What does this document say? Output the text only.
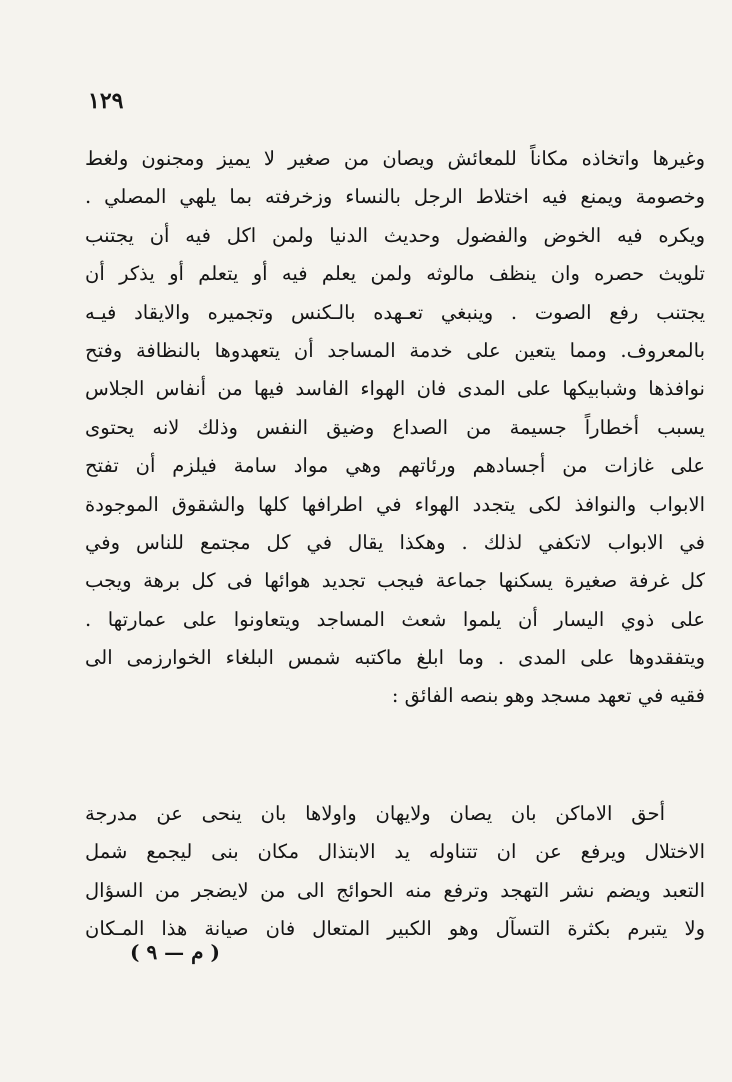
١٢٩
وغيرها واتخاذه مكاناً للمعائش ويصان من صغير لا يميز ومجنون ولغط
وخصومة ويمنع فيه اختلاط الرجل بالنساء وزخرفته بما يلهي المصلي .
ويكره فيه الخوض والفضول وحديث الدنيا ولمن اكل فيه أن يجتنب
تلويث حصره وان ينظف مالوثه ولمن يعلم فيه أو يتعلم أو يذكر أن
يجتنب رفع الصوت . وينبغي تعـهده بالـكنس وتجميره والايقاد فيـه
بالمعروف. ومما يتعين على خدمة المساجد أن يتعهدوها بالنظافة وفتح
نوافذها وشبابيكها على المدى فان الهواء الفاسد فيها من أنفاس الجلاس
يسبب أخطاراً جسيمة من الصداع وضيق النفس وذلك لانه يحتوى
على غازات من أجسادهم ورئاتهم وهي مواد سامة فيلزم أن تفتح
الابواب والنوافذ لكى يتجدد الهواء في اطرافها كلها والشقوق الموجودة
في الابواب لاتكفي لذلك . وهكذا يقال في كل مجتمع للناس وفي
كل غرفة صغيرة يسكنها جماعة فيجب تجديد هوائها فى كل برهة ويجب
على ذوي اليسار أن يلموا شعث المساجد ويتعاونوا على عمارتها .
ويتفقدوها على المدى . وما ابلغ ماكتبه شمس البلغاء الخوارزمى الى
فقيه في تعهد مسجد وهو بنصه الفائق :
أحق الاماكن بان يصان ولايهان واولاها بان ينحى عن مدرجة
الاختلال ويرفع عن ان تتناوله يد الابتذال مكان بنى ليجمع شمل
التعبد ويضم نشر التهجد وترفع منه الحوائج الى من لايضجر من السؤال
ولا يتبرم بكثرة التسآل وهو الكبير المتعال فان صيانة هذا المـكان
( م — ٩ )
